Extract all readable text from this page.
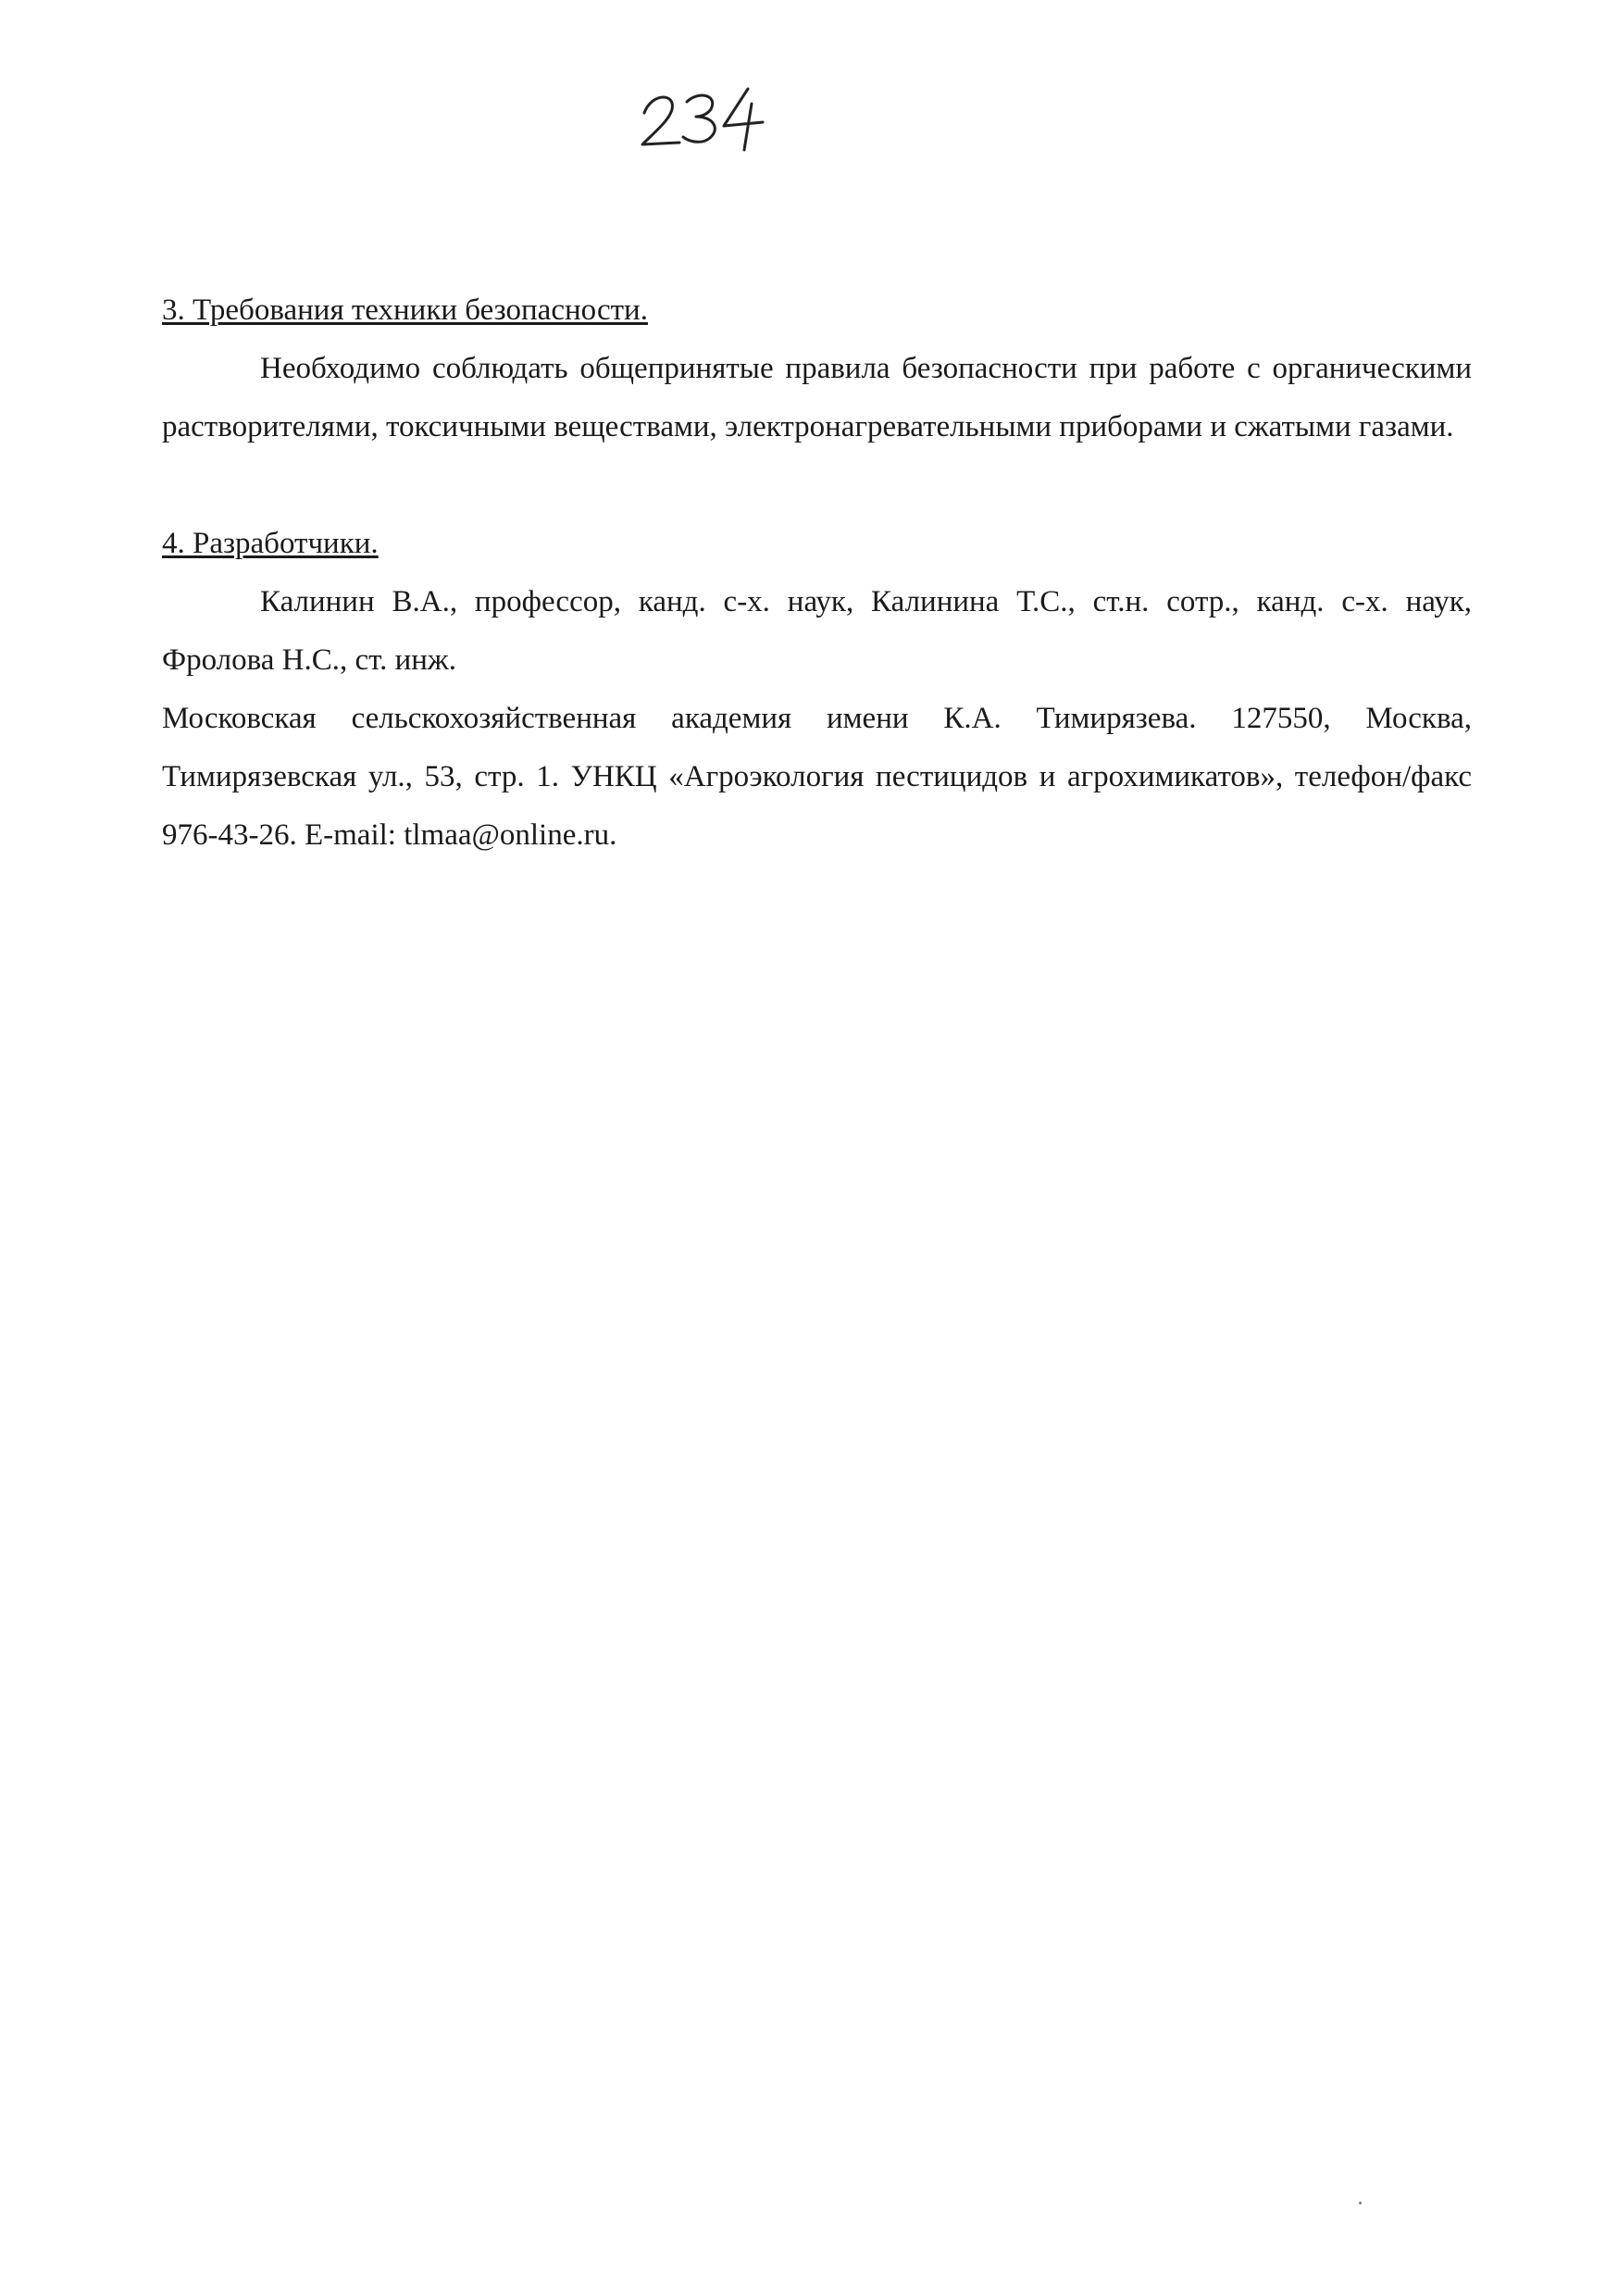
3. Требования техники безопасности.

Необходимо соблюдать общепринятые правила безопасности при работе с органическими растворителями, токсичными веществами, электронагревательными приборами и сжатыми газами.

4. Разработчики.

Калинин В.А., профессор, канд. с-х. наук, Калинина Т.С., ст.н. сотр., канд. с-х. наук, Фролова Н.С., ст. инж.

Московская сельскохозяйственная академия имени К.А. Тимирязева. 127550, Москва, Тимирязевская ул., 53, стр. 1. УНКЦ «Агроэкология пестицидов и агрохимикатов», телефон/факс 976-43-26. E-mail: tlmaa@online.ru.
